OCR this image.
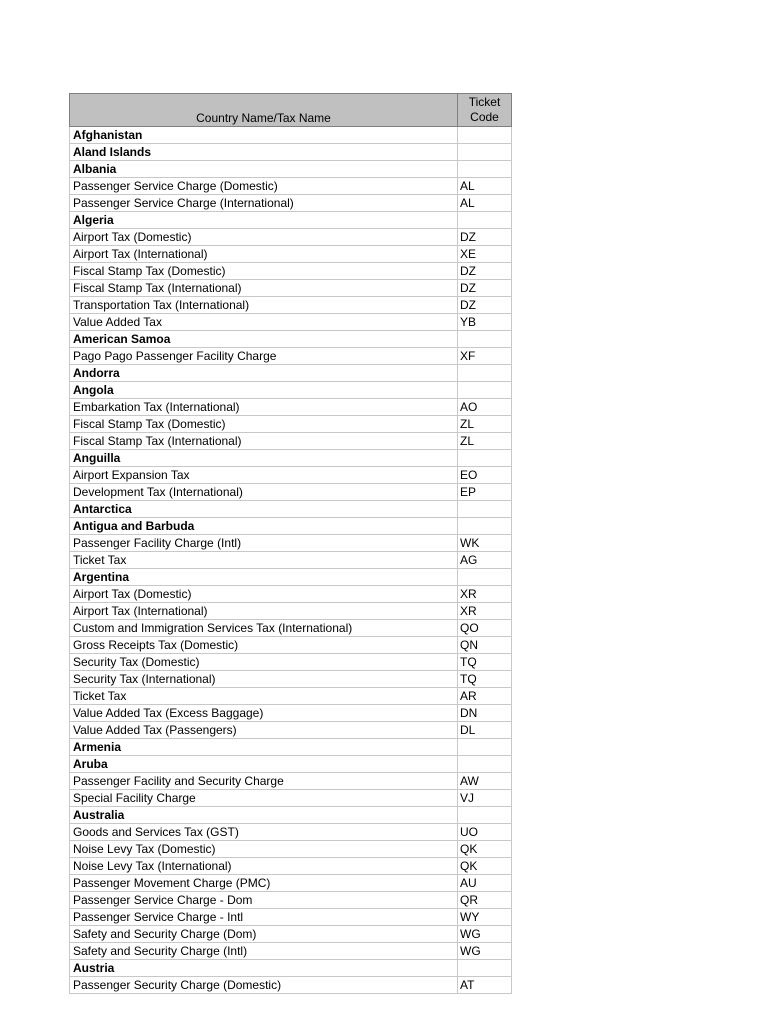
Country Name/Tax Name	Ticket
Code

Afghanistan	
Aland Islands	
Albania	
Passenger Service Charge (Domestic)	AL
Passenger Service Charge (International)	AL
Algeria	
Airport Tax (Domestic)	DZ
Airport Tax (International)	XE
Fiscal Stamp Tax (Domestic)	DZ
Fiscal Stamp Tax (International)	DZ
Transportation Tax (International)	DZ
Value Added Tax	YB
American Samoa	
Pago Pago Passenger Facility Charge	XF
Andorra	
Angola	
Embarkation Tax (International)	AO
Fiscal Stamp Tax (Domestic)	ZL
Fiscal Stamp Tax (International)	ZL
Anguilla	
Airport Expansion Tax	EO
Development Tax (International)	EP
Antarctica	
Antigua and Barbuda	
Passenger Facility Charge (Intl)	WK
Ticket Tax	AG
Argentina	
Airport Tax (Domestic)	XR
Airport Tax (International)	XR
Custom and Immigration Services Tax (International)	QO
Gross Receipts Tax (Domestic)	QN
Security Tax (Domestic)	TQ
Security Tax (International)	TQ
Ticket Tax	AR
Value Added Tax (Excess Baggage)	DN
Value Added Tax (Passengers)	DL
Armenia	
Aruba	
Passenger Facility and Security Charge	AW
Special Facility Charge	VJ
Australia	
Goods and Services Tax (GST)	UO
Noise Levy Tax (Domestic)	QK
Noise Levy Tax (International)	QK
Passenger Movement Charge (PMC)	AU
Passenger Service Charge - Dom	QR
Passenger Service Charge - Intl	WY
Safety and Security Charge (Dom)	WG
Safety and Security Charge (Intl)	WG
Austria	
Passenger Security Charge (Domestic)	AT
